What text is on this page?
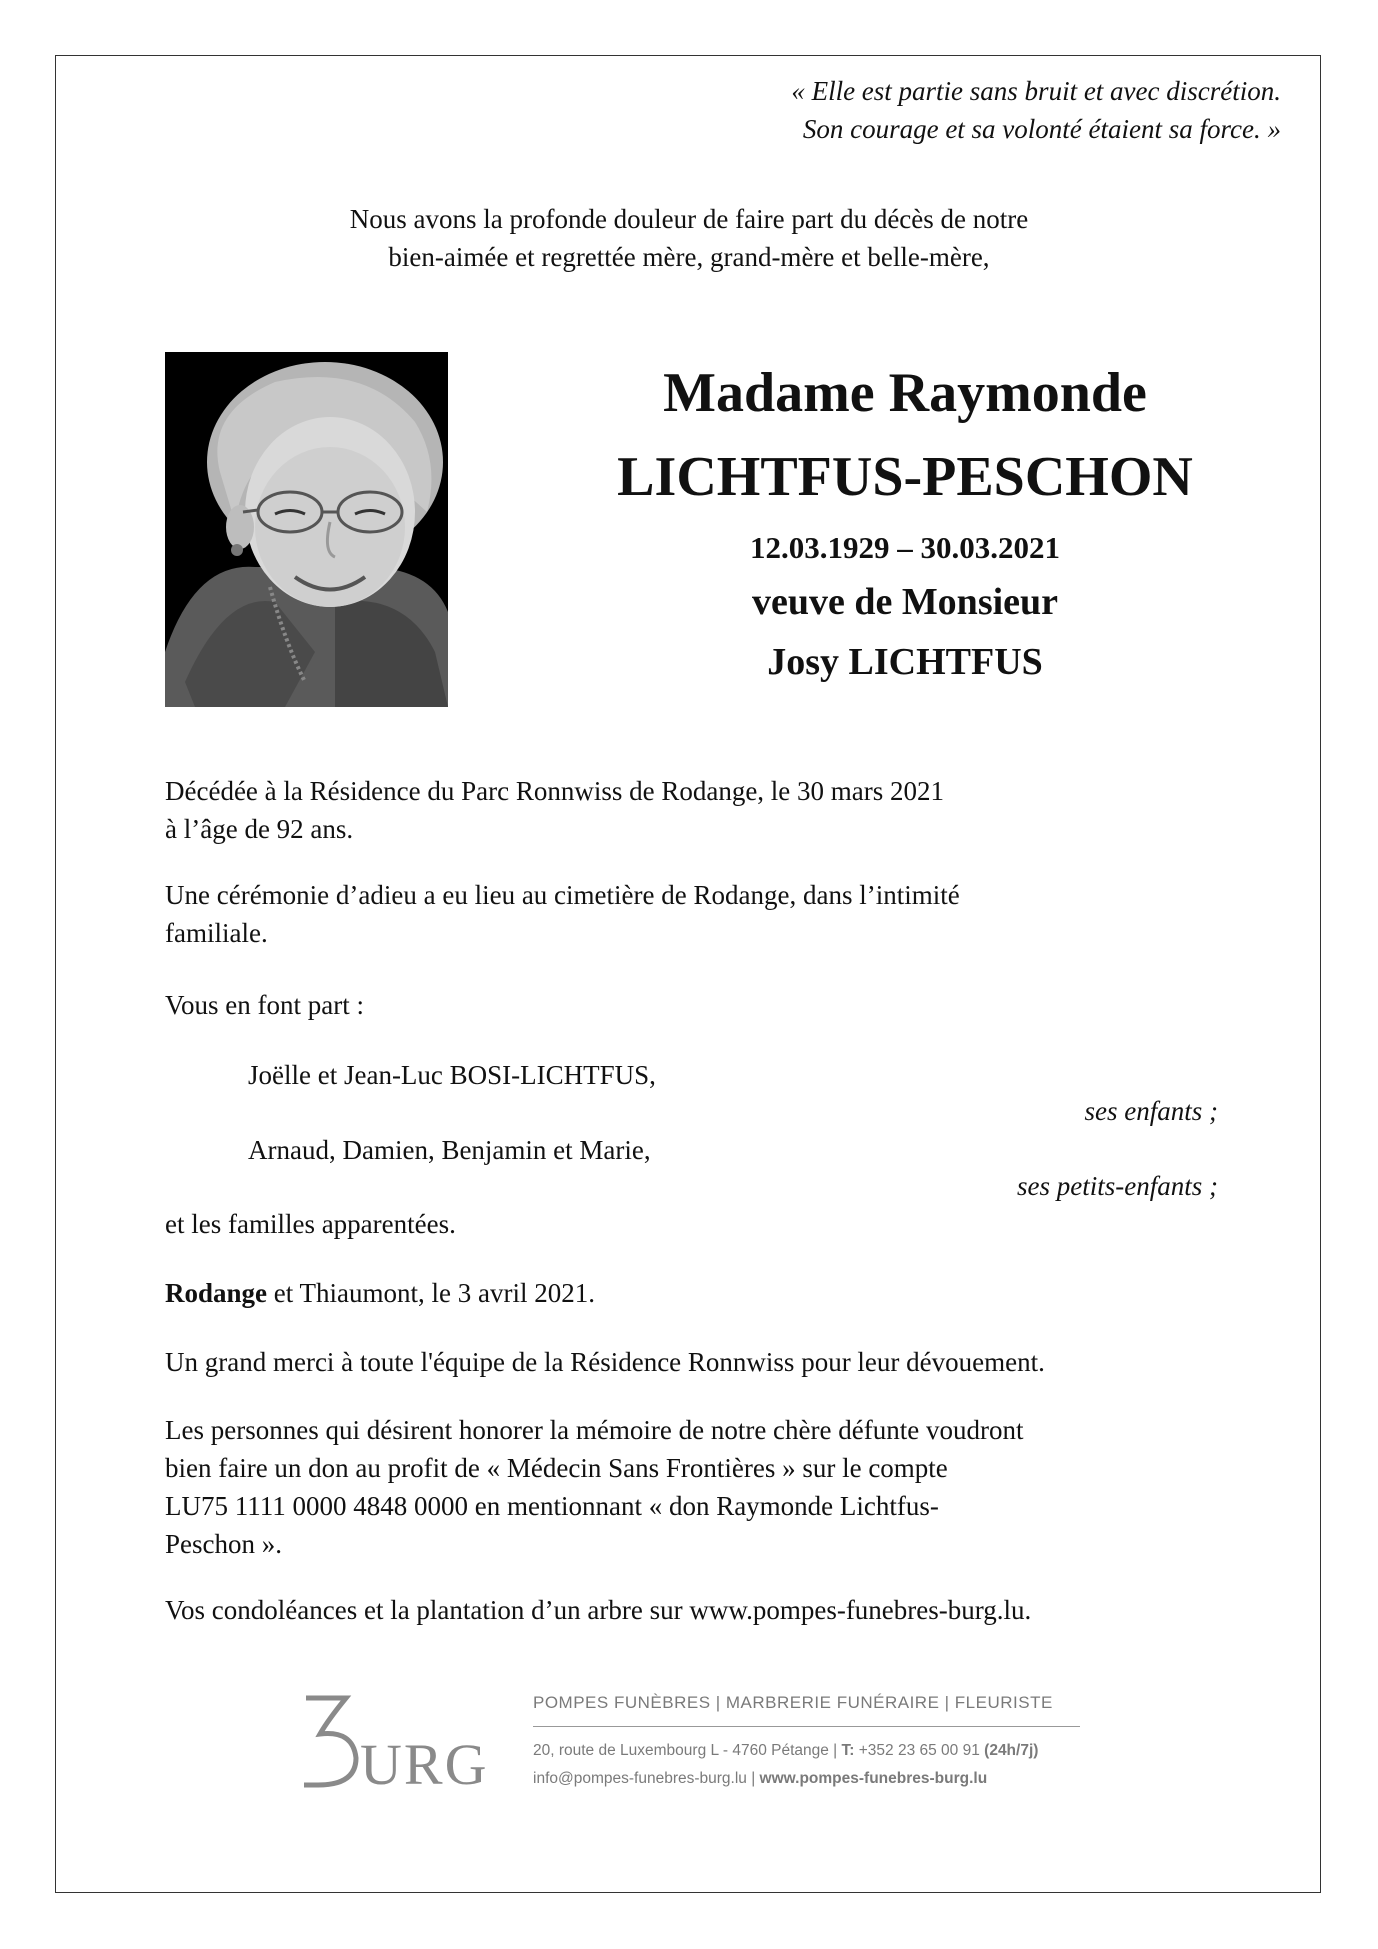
« Elle est partie sans bruit et avec discrétion.
Son courage et sa volonté étaient sa force. »
Nous avons la profonde douleur de faire part du décès de notre
bien-aimée et regrettée mère, grand-mère et belle-mère,
Madame Raymonde
LICHTFUS-PESCHON
12.03.1929 – 30.03.2021
veuve de Monsieur
Josy LICHTFUS
Décédée à la Résidence du Parc Ronnwiss de Rodange, le 30 mars 2021
à l’âge de 92 ans.
Une cérémonie d’adieu a eu lieu au cimetière de Rodange, dans l’intimité
familiale.
Vous en font part :
Joëlle et Jean-Luc BOSI-LICHTFUS,
ses enfants ;
Arnaud, Damien, Benjamin et Marie,
ses petits-enfants ;
et les familles apparentées.
Rodange et Thiaumont, le 3 avril 2021.
Un grand merci à toute l'équipe de la Résidence Ronnwiss pour leur dévouement.
Les personnes qui désirent honorer la mémoire de notre chère défunte voudront
bien faire un don au profit de « Médecin Sans Frontières » sur le compte
LU75 1111 0000 4848 0000 en mentionnant « don Raymonde Lichtfus-
Peschon ».
Vos condoléances et la plantation d’un arbre sur www.pompes-funebres-burg.lu.
URG
POMPES FUNÈBRES | MARBRERIE FUNÉRAIRE | FLEURISTE
20, route de Luxembourg L - 4760 Pétange | T: +352 23 65 00 91 (24h/7j)
info@pompes-funebres-burg.lu | www.pompes-funebres-burg.lu
